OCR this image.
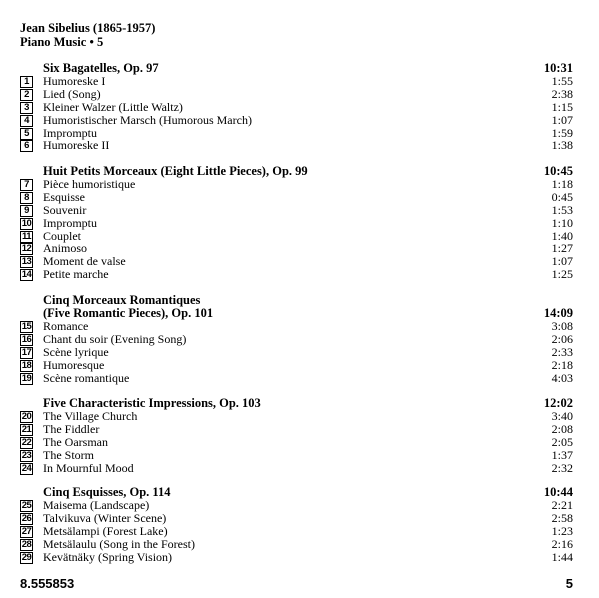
Jean Sibelius (1865-1957)
Piano Music • 5
Six Bagatelles, Op. 97	10:31
1	Humoreske I	1:55
2	Lied (Song)	2:38
3	Kleiner Walzer (Little Waltz)	1:15
4	Humoristischer Marsch (Humorous March)	1:07
5	Impromptu	1:59
6	Humoreske II	1:38
Huit Petits Morceaux (Eight Little Pieces), Op. 99	10:45
7	Pièce humoristique	1:18
8	Esquisse	0:45
9	Souvenir	1:53
10 Impromptu	1:10
11 Couplet	1:40
12 Animoso	1:27
13 Moment de valse	1:07
14 Petite marche	1:25
Cinq Morceaux Romantiques
(Five Romantic Pieces), Op. 101	14:09
15 Romance	3:08
16 Chant du soir (Evening Song)	2:06
17 Scène lyrique	2:33
18 Humoresque	2:18
19 Scène romantique	4:03
Five Characteristic Impressions, Op. 103	12:02
20 The Village Church	3:40
21 The Fiddler	2:08
22 The Oarsman	2:05
23 The Storm	1:37
24 In Mournful Mood	2:32
Cinq Esquisses, Op. 114	10:44
25 Maisema (Landscape)	2:21
26 Talvikuva (Winter Scene)	2:58
27 Metsälampi (Forest Lake)	1:23
28 Metsälaulu (Song in the Forest)	2:16
29 Kevätnäky (Spring Vision)	1:44
8.555853	5
